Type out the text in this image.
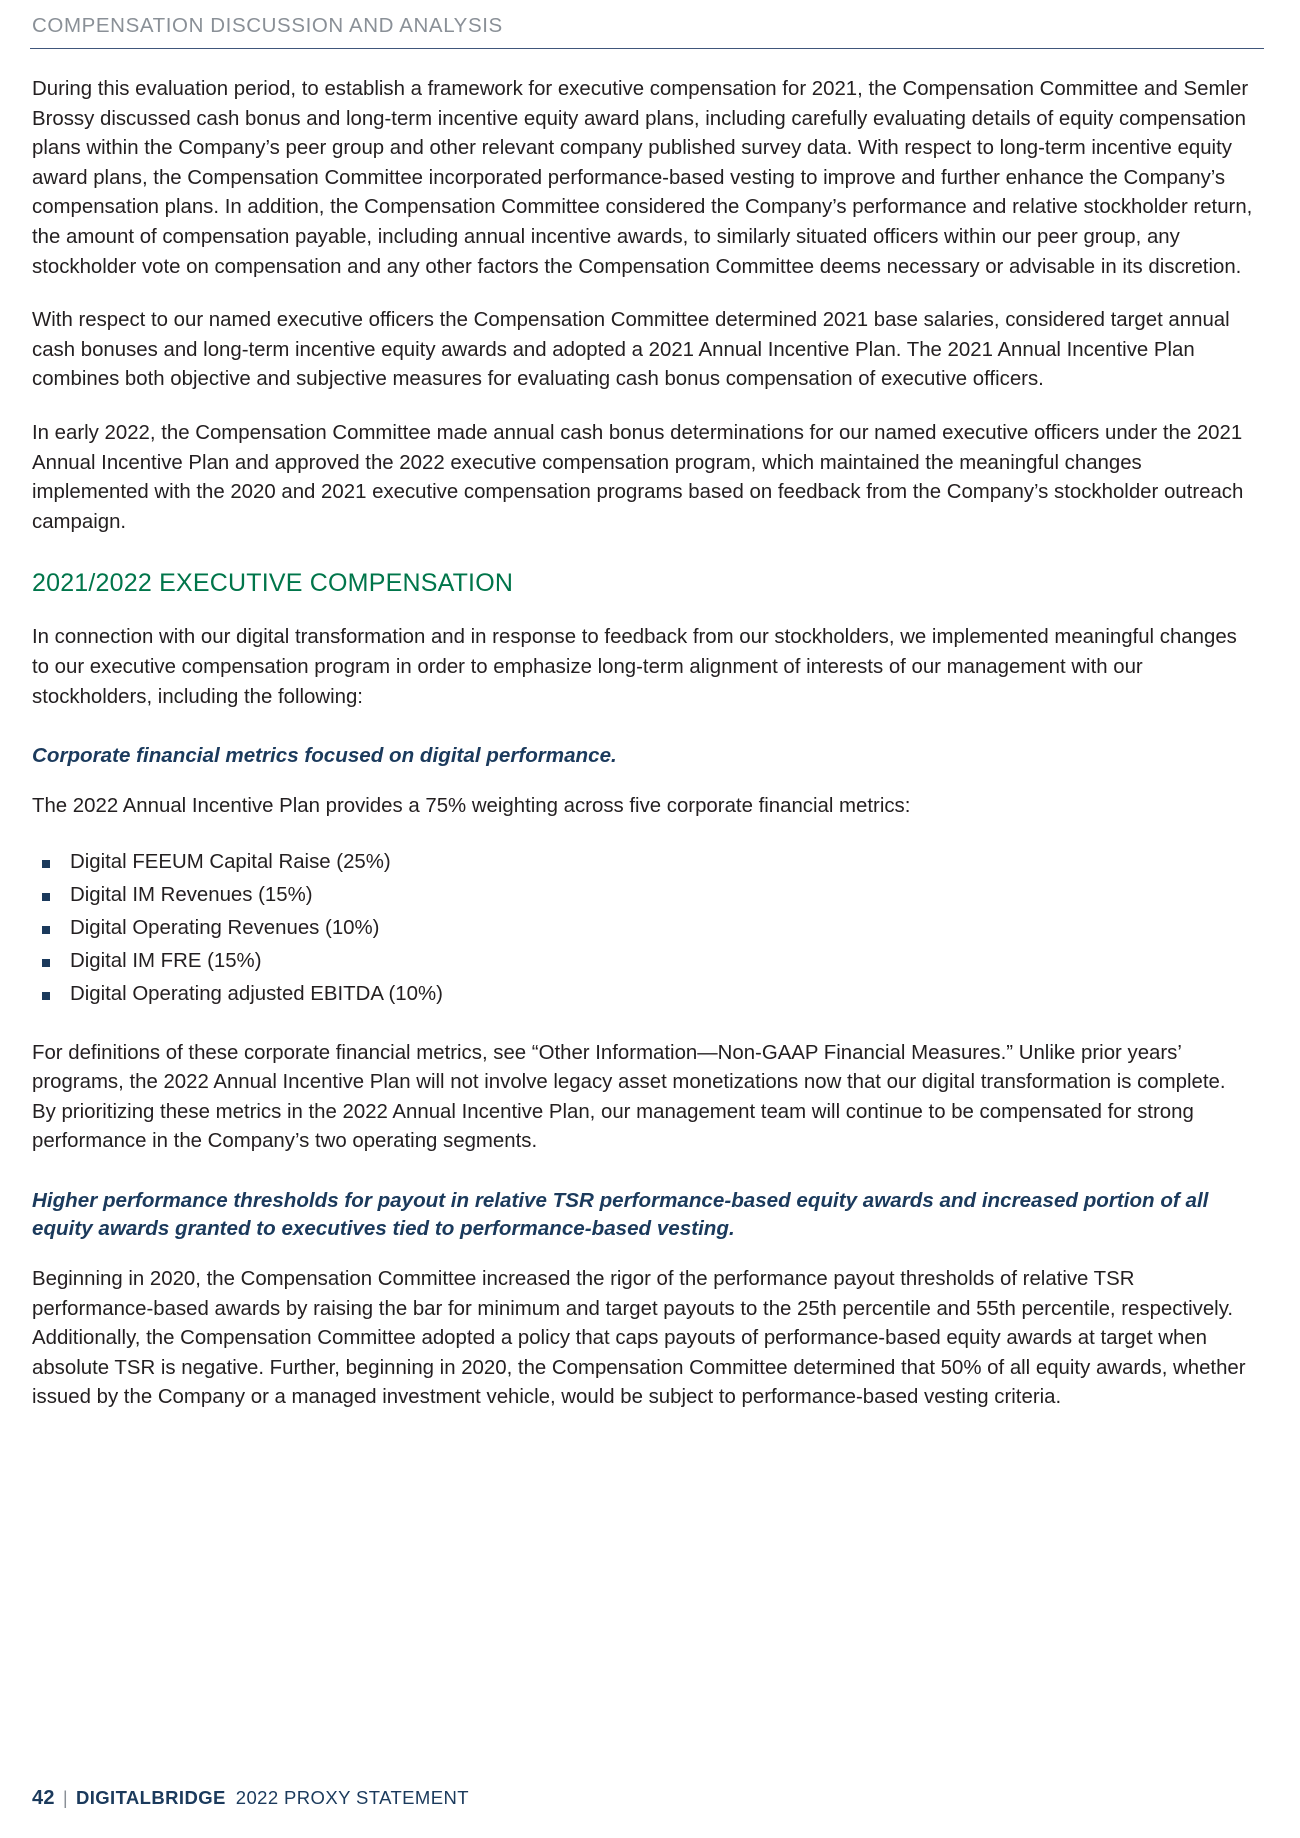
COMPENSATION DISCUSSION AND ANALYSIS

During this evaluation period, to establish a framework for executive compensation for 2021, the Compensation Committee and Semler Brossy discussed cash bonus and long-term incentive equity award plans, including carefully evaluating details of equity compensation plans within the Company’s peer group and other relevant company published survey data. With respect to long-term incentive equity award plans, the Compensation Committee incorporated performance-based vesting to improve and further enhance the Company’s compensation plans. In addition, the Compensation Committee considered the Company’s performance and relative stockholder return, the amount of compensation payable, including annual incentive awards, to similarly situated officers within our peer group, any stockholder vote on compensation and any other factors the Compensation Committee deems necessary or advisable in its discretion.

With respect to our named executive officers the Compensation Committee determined 2021 base salaries, considered target annual cash bonuses and long-term incentive equity awards and adopted a 2021 Annual Incentive Plan. The 2021 Annual Incentive Plan combines both objective and subjective measures for evaluating cash bonus compensation of executive officers.

In early 2022, the Compensation Committee made annual cash bonus determinations for our named executive officers under the 2021 Annual Incentive Plan and approved the 2022 executive compensation program, which maintained the meaningful changes implemented with the 2020 and 2021 executive compensation programs based on feedback from the Company’s stockholder outreach campaign.

2021/2022 EXECUTIVE COMPENSATION

In connection with our digital transformation and in response to feedback from our stockholders, we implemented meaningful changes to our executive compensation program in order to emphasize long-term alignment of interests of our management with our stockholders, including the following:

Corporate financial metrics focused on digital performance.

The 2022 Annual Incentive Plan provides a 75% weighting across five corporate financial metrics:

Digital FEEUM Capital Raise (25%)
Digital IM Revenues (15%)
Digital Operating Revenues (10%)
Digital IM FRE (15%)
Digital Operating adjusted EBITDA (10%)

For definitions of these corporate financial metrics, see “Other Information—Non-GAAP Financial Measures.” Unlike prior years’ programs, the 2022 Annual Incentive Plan will not involve legacy asset monetizations now that our digital transformation is complete. By prioritizing these metrics in the 2022 Annual Incentive Plan, our management team will continue to be compensated for strong performance in the Company’s two operating segments.

Higher performance thresholds for payout in relative TSR performance-based equity awards and increased portion of all equity awards granted to executives tied to performance-based vesting.

Beginning in 2020, the Compensation Committee increased the rigor of the performance payout thresholds of relative TSR performance-based awards by raising the bar for minimum and target payouts to the 25th percentile and 55th percentile, respectively. Additionally, the Compensation Committee adopted a policy that caps payouts of performance-based equity awards at target when absolute TSR is negative. Further, beginning in 2020, the Compensation Committee determined that 50% of all equity awards, whether issued by the Company or a managed investment vehicle, would be subject to performance-based vesting criteria.

42 | DIGITALBRIDGE 2022 PROXY STATEMENT
